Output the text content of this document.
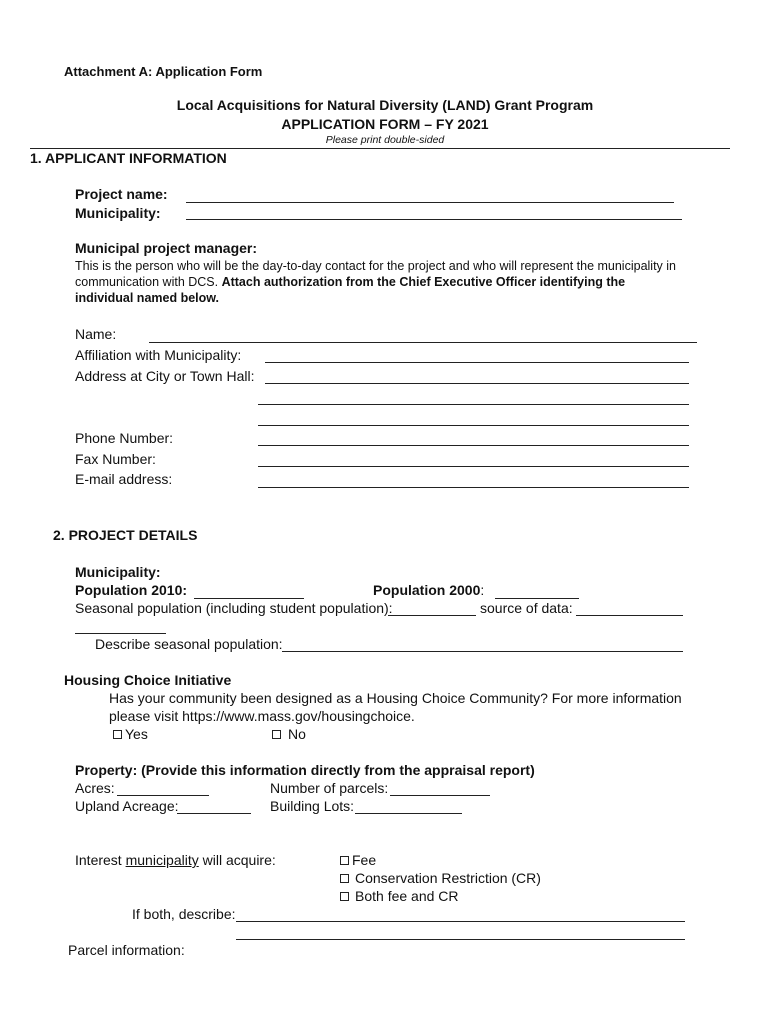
Attachment A: Application Form
Local Acquisitions for Natural Diversity (LAND) Grant Program
APPLICATION FORM – FY 2021
Please print double-sided
1. APPLICANT INFORMATION
Project name:
Municipality:
Municipal project manager:
This is the person who will be the day-to-day contact for the project and who will represent the municipality in
communication with DCS. Attach authorization from the Chief Executive Officer identifying the
individual named below.
Name:
Affiliation with Municipality:
Address at City or Town Hall:
Phone Number:
Fax Number:
E-mail address:
2. PROJECT DETAILS
Municipality:
Population 2010:	Population 2000:
Seasonal population (including student population):	source of data:
Describe seasonal population:
Housing Choice Initiative
Has your community been designed as a Housing Choice Community? For more information
please visit https://www.mass.gov/housingchoice.
Yes	No
Property: (Provide this information directly from the appraisal report)
Acres:	Number of parcels:
Upland Acreage:	Building Lots:
Interest municipality will acquire:	Fee
Conservation Restriction (CR)
Both fee and CR
If both, describe:
Parcel information:
